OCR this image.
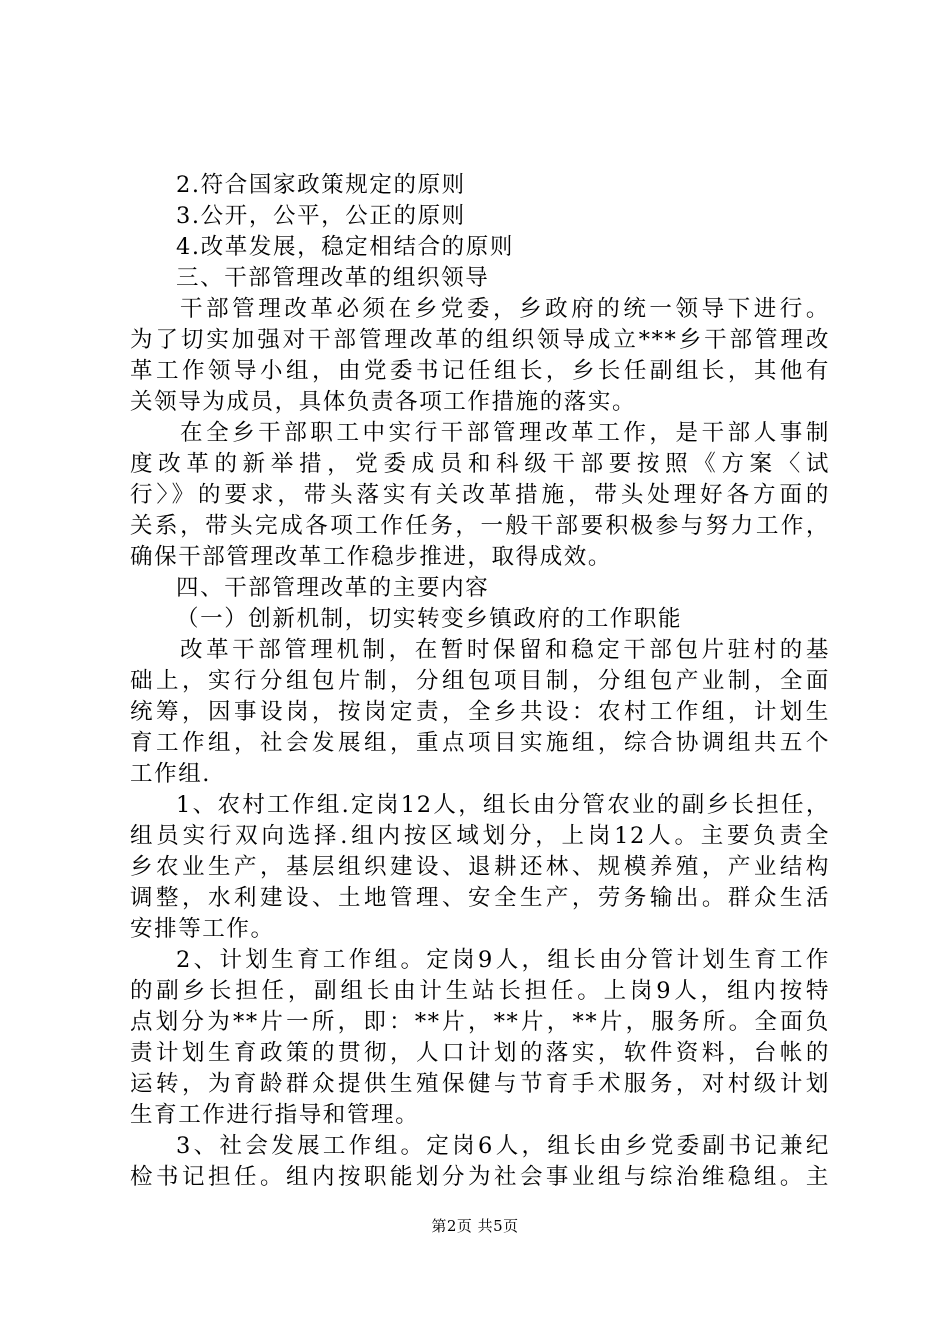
2.符合国家政策规定的原则
3.公开，公平，公正的原则
4.改革发展，稳定相结合的原则
三、干部管理改革的组织领导
干部管理改革必须在乡党委，乡政府的统一领导下进行。
为了切实加强对干部管理改革的组织领导成立***乡干部管理改
革工作领导小组，由党委书记任组长，乡长任副组长，其他有
关领导为成员，具体负责各项工作措施的落实。
在全乡干部职工中实行干部管理改革工作，是干部人事制
度改革的新举措，党委成员和科级干部要按照《方案〈试
行〉》的要求，带头落实有关改革措施，带头处理好各方面的
关系，带头完成各项工作任务，一般干部要积极参与努力工作，
确保干部管理改革工作稳步推进，取得成效。
四、干部管理改革的主要内容
（一）创新机制，切实转变乡镇政府的工作职能
改革干部管理机制，在暂时保留和稳定干部包片驻村的基
础上，实行分组包片制，分组包项目制，分组包产业制，全面
统筹，因事设岗，按岗定责，全乡共设：农村工作组，计划生
育工作组，社会发展组，重点项目实施组，综合协调组共五个
工作组.
1、农村工作组.定岗12人，组长由分管农业的副乡长担任，
组员实行双向选择.组内按区域划分，上岗12人。主要负责全
乡农业生产，基层组织建设、退耕还林、规模养殖，产业结构
调整，水利建设、土地管理、安全生产，劳务输出。群众生活
安排等工作。
2、计划生育工作组。定岗9人，组长由分管计划生育工作
的副乡长担任，副组长由计生站长担任。上岗9人，组内按特
点划分为**片一所，即：**片，**片，**片，服务所。全面负
责计划生育政策的贯彻，人口计划的落实，软件资料，台帐的
运转，为育龄群众提供生殖保健与节育手术服务，对村级计划
生育工作进行指导和管理。
3、社会发展工作组。定岗6人，组长由乡党委副书记兼纪
检书记担任。组内按职能划分为社会事业组与综治维稳组。主
第2页 共5页
